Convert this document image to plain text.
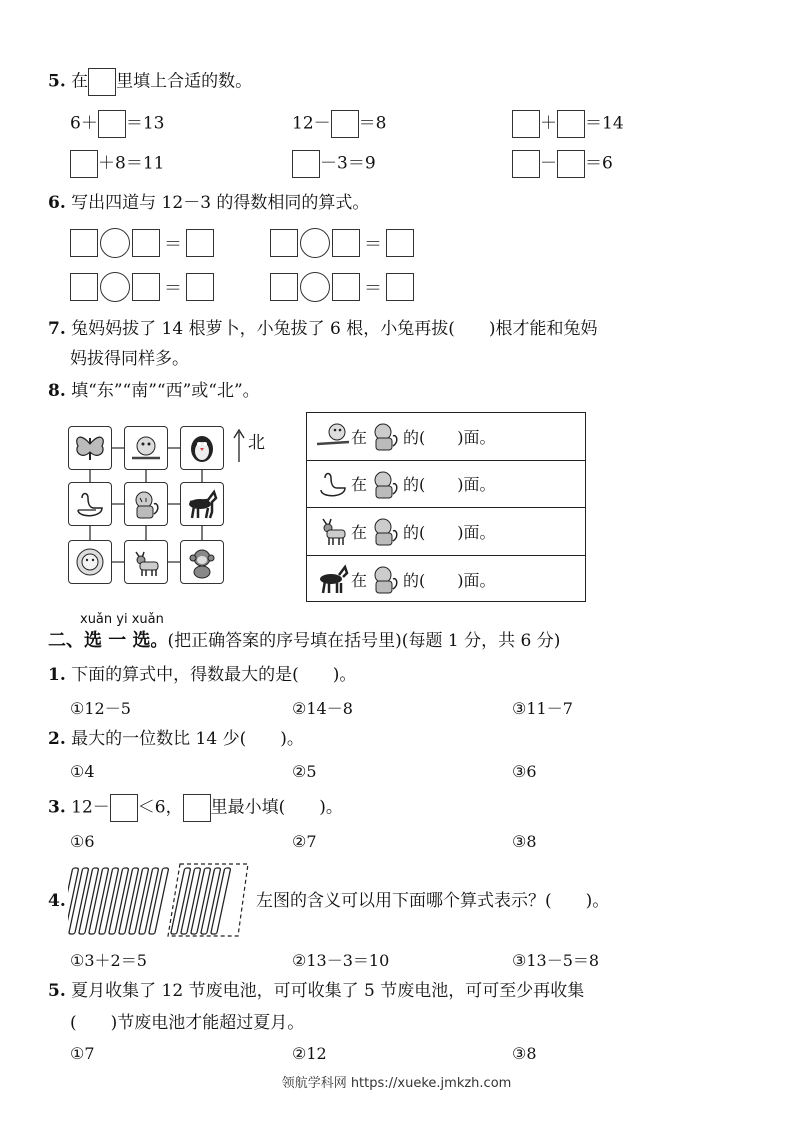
5. 在 里填上合适的数。
6＋ ＝13	12－ ＝8	＋ ＝14
＋8＝11	－3＝9	－ ＝6
6. 写出四道与 12－3 的得数相同的算式。
＝	＝
＝	＝
7. 兔妈妈拔了 14 根萝卜，小兔拔了 6 根，小兔再拔(　　)根才能和兔妈
妈拔得同样多。
8. 填“东”“南”“西”或“北”。
北	在 的(　　)面。
在 的(　　)面。
在 的(　　)面。
在 的(　　)面。
xuǎn yi xuǎn
二、选 一 选。(把正确答案的序号填在括号里)(每题 1 分，共 6 分)
1. 下面的算式中，得数最大的是(　　)。
①12－5	②14－8	③11－7
2. 最大的一位数比 14 少(　　)。
①4	②5	③6
3. 12－ ＜6， 里最小填(　　)。
①6	②7	③8
4.	左图的含义可以用下面哪个算式表示？(　　)。
①3＋2＝5	②13－3＝10	③13－5＝8
5. 夏月收集了 12 节废电池，可可收集了 5 节废电池，可可至少再收集
(　　)节废电池才能超过夏月。
①7	②12	③8
领航学科网 https://xueke.jmkzh.com
